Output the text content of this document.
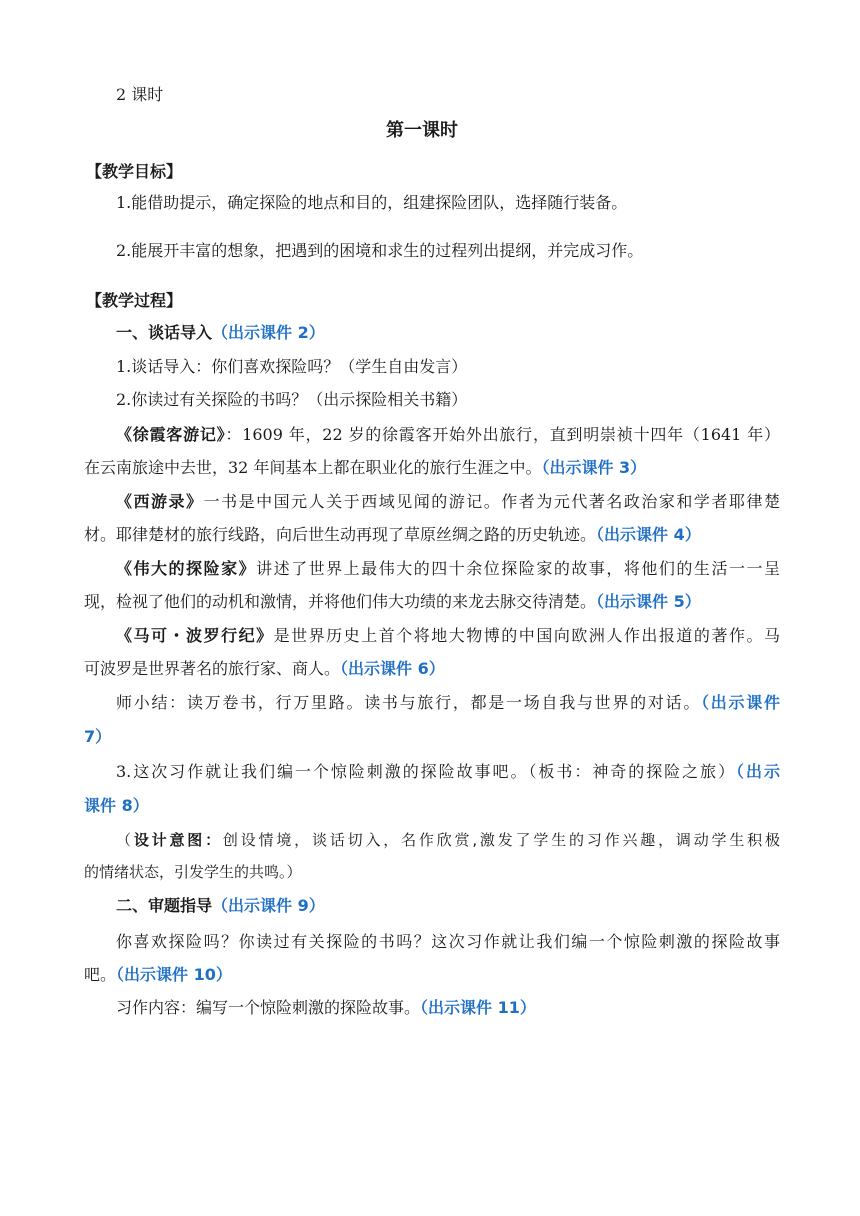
2 课时
第一课时
【教学目标】
1.能借助提示，确定探险的地点和目的，组建探险团队，选择随行装备。
2.能展开丰富的想象，把遇到的困境和求生的过程列出提纲，并完成习作。
【教学过程】
一、谈话导入（出示课件 2）
1.谈话导入：你们喜欢探险吗？（学生自由发言）
2.你读过有关探险的书吗？（出示探险相关书籍）
《徐霞客游记》：1609 年，22 岁的徐霞客开始外出旅行，直到明崇祯十四年（1641 年）
在云南旅途中去世，32 年间基本上都在职业化的旅行生涯之中。（出示课件 3）
《西游录》一书是中国元人关于西域见闻的游记。作者为元代著名政治家和学者耶律楚
材。耶律楚材的旅行线路，向后世生动再现了草原丝绸之路的历史轨迹。（出示课件 4）
《伟大的探险家》讲述了世界上最伟大的四十余位探险家的故事，将他们的生活一一呈
现，检视了他们的动机和激情，并将他们伟大功绩的来龙去脉交待清楚。（出示课件 5）
《马可・波罗行纪》是世界历史上首个将地大物博的中国向欧洲人作出报道的著作。马
可波罗是世界著名的旅行家、商人。（出示课件 6）
师小结：读万卷书，行万里路。读书与旅行，都是一场自我与世界的对话。（出示课件
7）
3.这次习作就让我们编一个惊险刺激的探险故事吧。（板书：神奇的探险之旅）（出示
课件 8）
（设计意图：创设情境，谈话切入，名作欣赏,激发了学生的习作兴趣，调动学生积极
的情绪状态，引发学生的共鸣。）
二、审题指导（出示课件 9）
你喜欢探险吗？你读过有关探险的书吗？这次习作就让我们编一个惊险刺激的探险故事
吧。（出示课件 10）
习作内容：编写一个惊险刺激的探险故事。（出示课件 11）
